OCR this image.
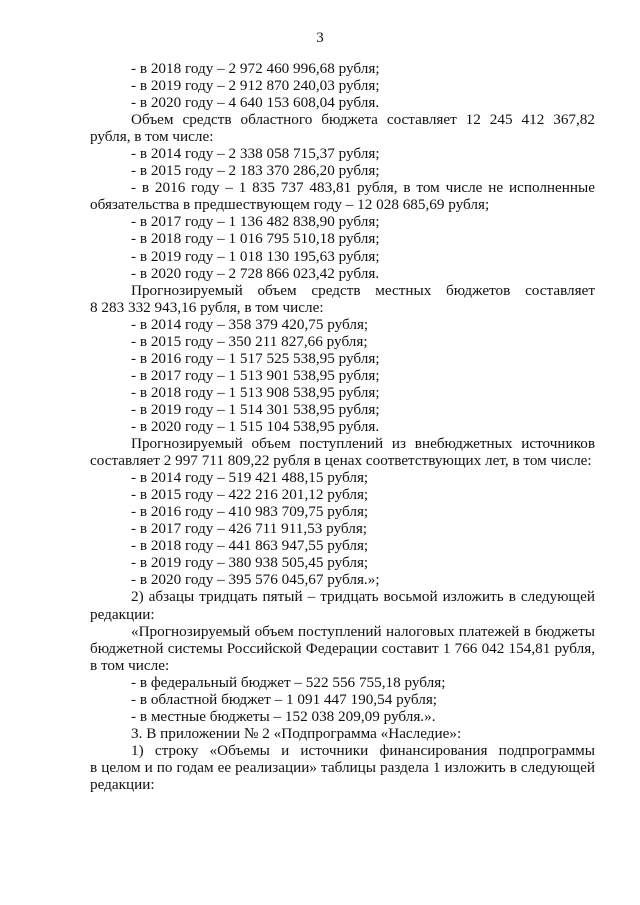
3
- в 2018 году – 2 972 460 996,68 рубля;
- в 2019 году – 2 912 870 240,03 рубля;
- в 2020 году – 4 640 153 608,04 рубля.
Объем средств областного бюджета составляет 12 245 412 367,82
рубля, в том числе:
- в 2014 году – 2 338 058 715,37 рубля;
- в 2015 году – 2 183 370 286,20 рубля;
- в 2016 году – 1 835 737 483,81 рубля, в том числе не исполненные
обязательства в предшествующем году – 12 028 685,69 рубля;
- в 2017 году – 1 136 482 838,90 рубля;
- в 2018 году – 1 016 795 510,18 рубля;
- в 2019 году – 1 018 130 195,63 рубля;
- в 2020 году – 2 728 866 023,42 рубля.
Прогнозируемый объем средств местных бюджетов составляет
8 283 332 943,16 рубля, в том числе:
- в 2014 году – 358 379 420,75 рубля;
- в 2015 году – 350 211 827,66 рубля;
- в 2016 году – 1 517 525 538,95 рубля;
- в 2017 году – 1 513 901 538,95 рубля;
- в 2018 году – 1 513 908 538,95 рубля;
- в 2019 году – 1 514 301 538,95 рубля;
- в 2020 году – 1 515 104 538,95 рубля.
Прогнозируемый объем поступлений из внебюджетных источников
составляет 2 997 711 809,22 рубля в ценах соответствующих лет, в том числе:
- в 2014 году – 519 421 488,15 рубля;
- в 2015 году – 422 216 201,12 рубля;
- в 2016 году – 410 983 709,75 рубля;
- в 2017 году – 426 711 911,53 рубля;
- в 2018 году – 441 863 947,55 рубля;
- в 2019 году – 380 938 505,45 рубля;
- в 2020 году – 395 576 045,67 рубля.»;
2) абзацы тридцать пятый – тридцать восьмой изложить в следующей
редакции:
«Прогнозируемый объем поступлений налоговых платежей в бюджеты
бюджетной системы Российской Федерации составит 1 766 042 154,81 рубля,
в том числе:
- в федеральный бюджет – 522 556 755,18 рубля;
- в областной бюджет – 1 091 447 190,54 рубля;
- в местные бюджеты – 152 038 209,09 рубля.».
3. В приложении № 2 «Подпрограмма «Наследие»:
1) строку «Объемы и источники финансирования подпрограммы
в целом и по годам ее реализации» таблицы раздела 1 изложить в следующей
редакции:
